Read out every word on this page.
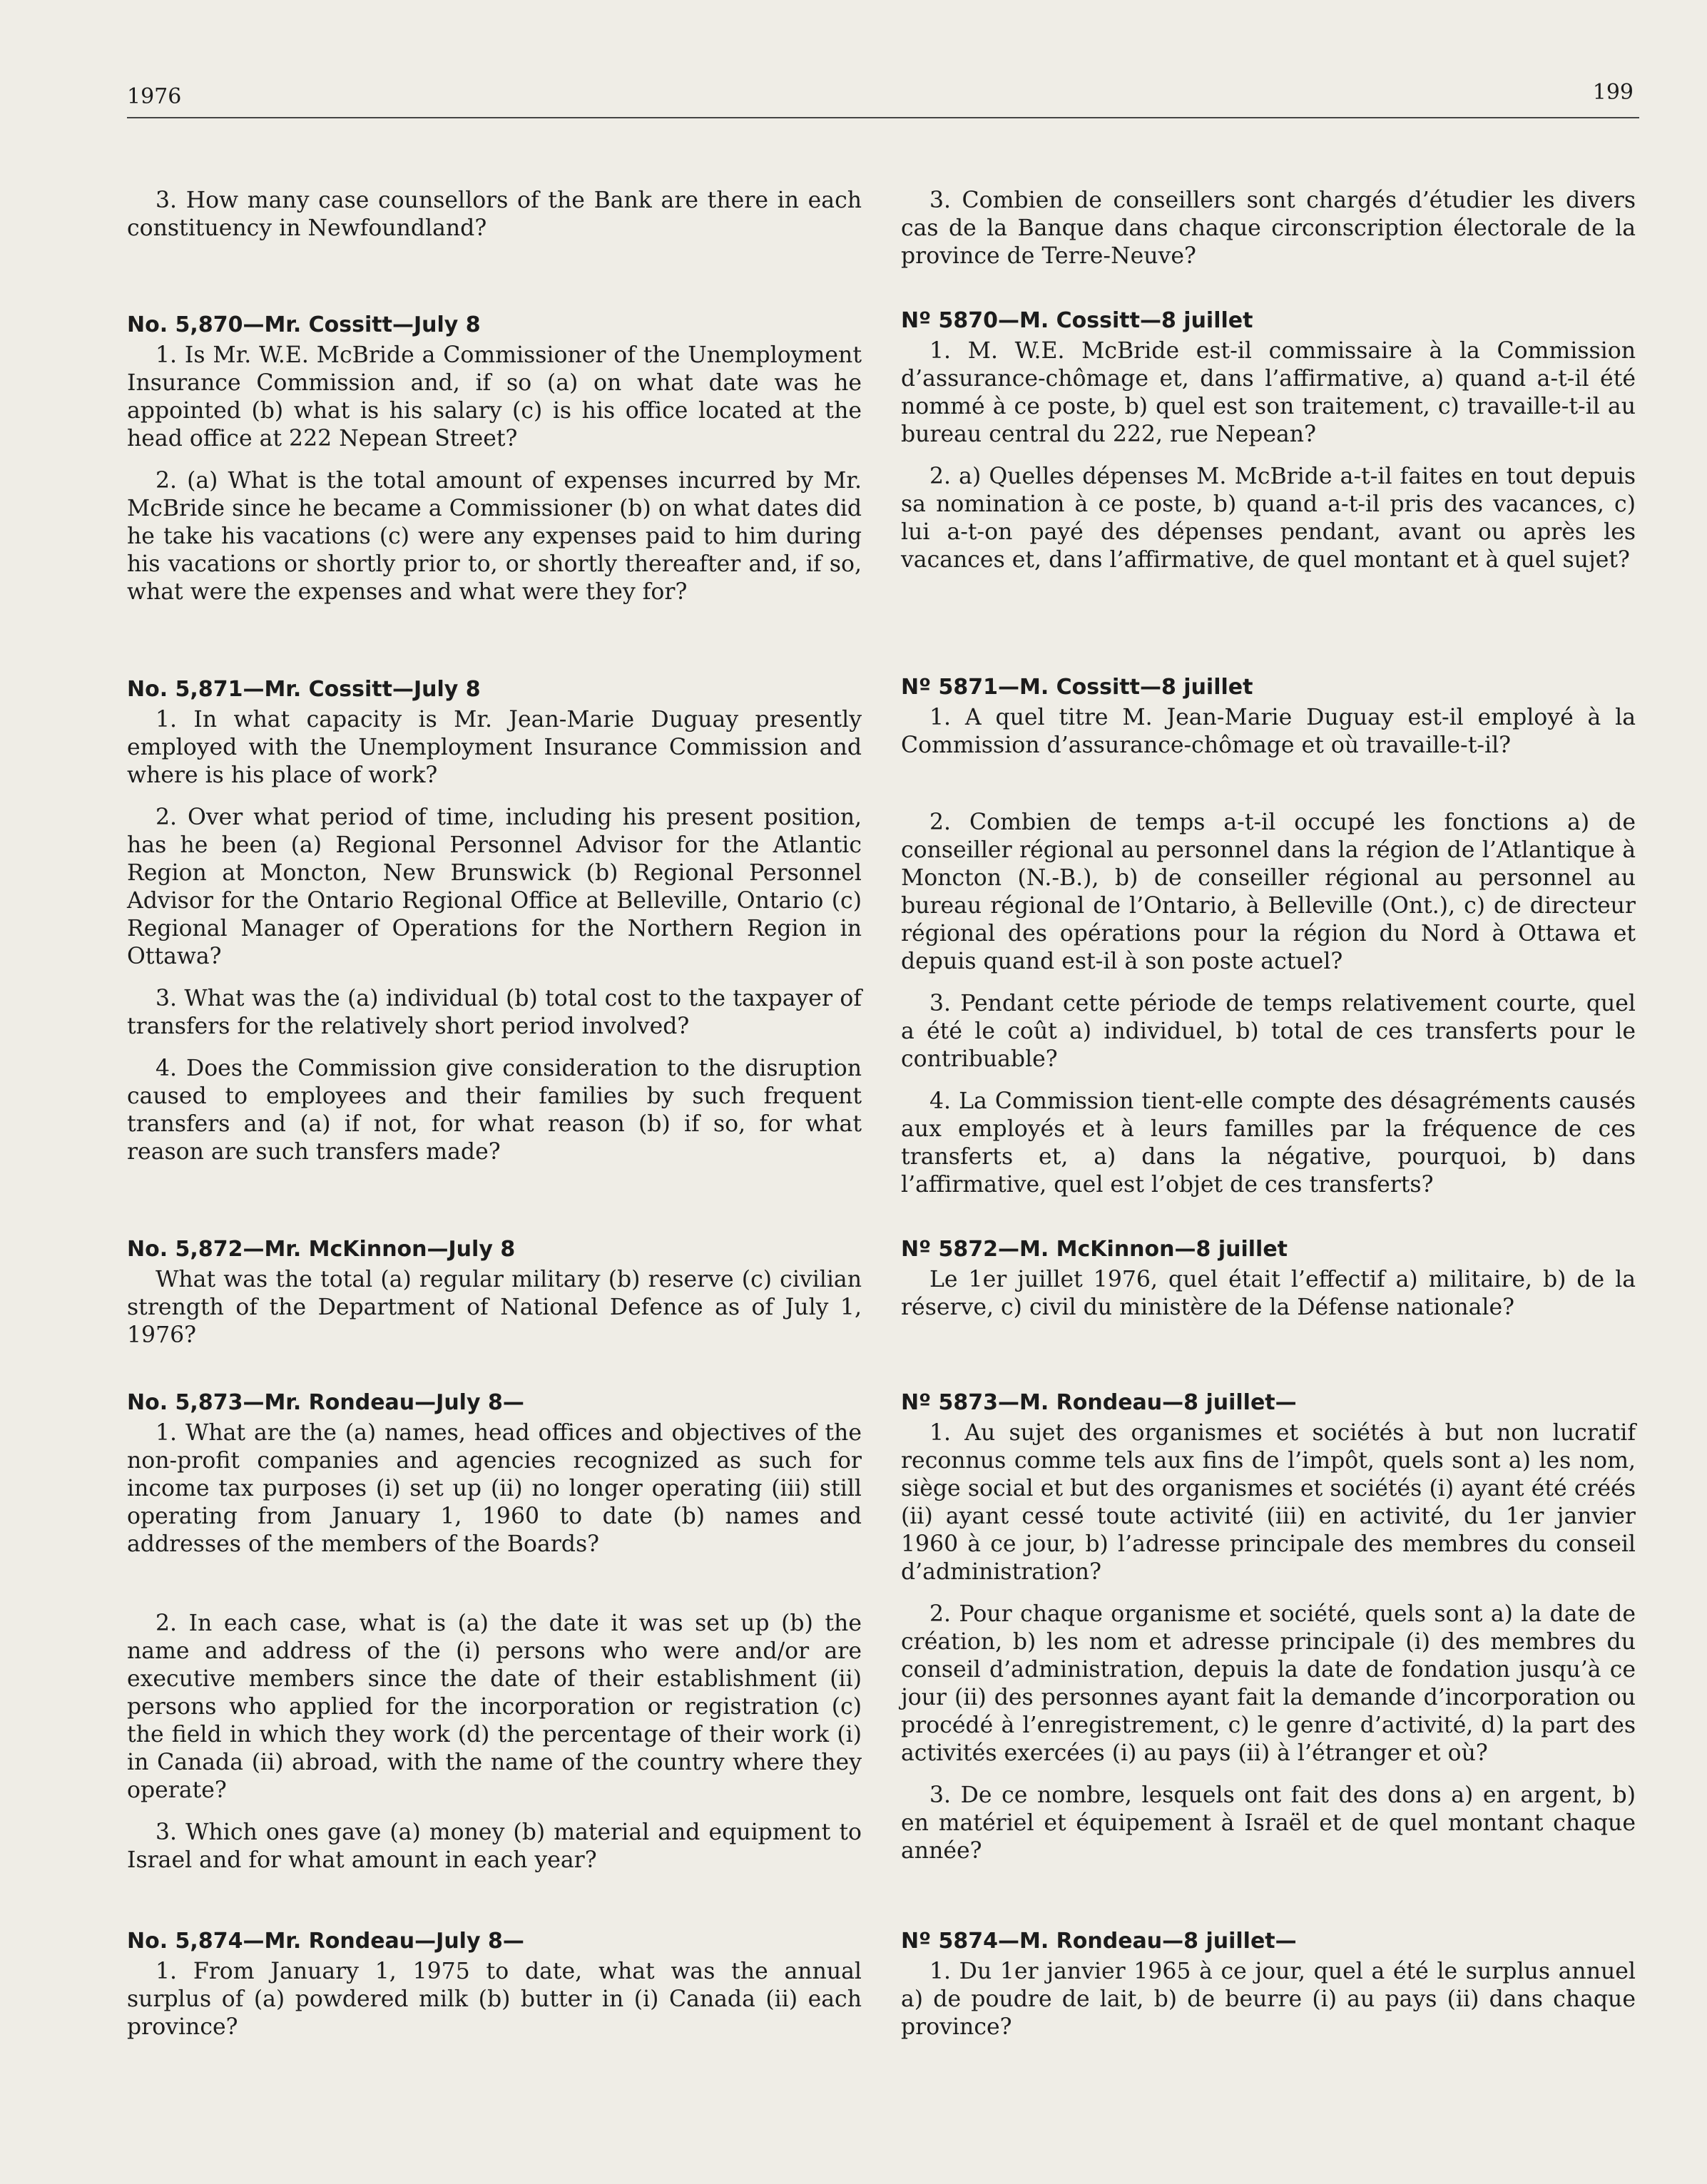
1976	199

3. How many case counsellors of the Bank are there in each constituency in Newfoundland?

No. 5,870—Mr. Cossitt—July 8

1. Is Mr. W.E. McBride a Commissioner of the Unemployment Insurance Commission and, if so (a) on what date was he appointed (b) what is his salary (c) is his office located at the head office at 222 Nepean Street?

2. (a) What is the total amount of expenses incurred by Mr. McBride since he became a Commissioner (b) on what dates did he take his vacations (c) were any expenses paid to him during his vacations or shortly prior to, or shortly thereafter and, if so, what were the expenses and what were they for?

No. 5,871—Mr. Cossitt—July 8

1. In what capacity is Mr. Jean-Marie Duguay presently employed with the Unemployment Insurance Commission and where is his place of work?

2. Over what period of time, including his present position, has he been (a) Regional Personnel Advisor for the Atlantic Region at Moncton, New Brunswick (b) Regional Personnel Advisor for the Ontario Regional Office at Belleville, Ontario (c) Regional Manager of Operations for the Northern Region in Ottawa?

3. What was the (a) individual (b) total cost to the taxpayer of transfers for the relatively short period involved?

4. Does the Commission give consideration to the disruption caused to employees and their families by such frequent transfers and (a) if not, for what reason (b) if so, for what reason are such transfers made?

No. 5,872—Mr. McKinnon—July 8

What was the total (a) regular military (b) reserve (c) civilian strength of the Department of National Defence as of July 1, 1976?

No. 5,873—Mr. Rondeau—July 8—

1. What are the (a) names, head offices and objectives of the non-profit companies and agencies recognized as such for income tax purposes (i) set up (ii) no longer operating (iii) still operating from January 1, 1960 to date (b) names and addresses of the members of the Boards?

2. In each case, what is (a) the date it was set up (b) the name and address of the (i) persons who were and/or are executive members since the date of their establishment (ii) persons who applied for the incorporation or registration (c) the field in which they work (d) the percentage of their work (i) in Canada (ii) abroad, with the name of the country where they operate?

3. Which ones gave (a) money (b) material and equipment to Israel and for what amount in each year?

No. 5,874—Mr. Rondeau—July 8—

1. From January 1, 1975 to date, what was the annual surplus of (a) powdered milk (b) butter in (i) Canada (ii) each province?

3. Combien de conseillers sont chargés d’étudier les divers cas de la Banque dans chaque circonscription électorale de la province de Terre-Neuve?

Nº 5870—M. Cossitt—8 juillet

1. M. W.E. McBride est-il commissaire à la Commission d’assurance-chômage et, dans l’affirmative, a) quand a-t-il été nommé à ce poste, b) quel est son traitement, c) travaille-t-il au bureau central du 222, rue Nepean?

2. a) Quelles dépenses M. McBride a-t-il faites en tout depuis sa nomination à ce poste, b) quand a-t-il pris des vacances, c) lui a-t-on payé des dépenses pendant, avant ou après les vacances et, dans l’affirmative, de quel montant et à quel sujet?

Nº 5871—M. Cossitt—8 juillet

1. A quel titre M. Jean-Marie Duguay est-il employé à la Commission d’assurance-chômage et où travaille-t-il?

2. Combien de temps a-t-il occupé les fonctions a) de conseiller régional au personnel dans la région de l’Atlantique à Moncton (N.-B.), b) de conseiller régional au personnel au bureau régional de l’Ontario, à Belleville (Ont.), c) de directeur régional des opérations pour la région du Nord à Ottawa et depuis quand est-il à son poste actuel?

3. Pendant cette période de temps relativement courte, quel a été le coût a) individuel, b) total de ces transferts pour le contribuable?

4. La Commission tient-elle compte des désagréments causés aux employés et à leurs familles par la fréquence de ces transferts et, a) dans la négative, pourquoi, b) dans l’affirmative, quel est l’objet de ces transferts?

Nº 5872—M. McKinnon—8 juillet

Le 1er juillet 1976, quel était l’effectif a) militaire, b) de la réserve, c) civil du ministère de la Défense nationale?

Nº 5873—M. Rondeau—8 juillet—

1. Au sujet des organismes et sociétés à but non lucratif reconnus comme tels aux fins de l’impôt, quels sont a) les nom, siège social et but des organismes et sociétés (i) ayant été créés (ii) ayant cessé toute activité (iii) en activité, du 1er janvier 1960 à ce jour, b) l’adresse principale des membres du conseil d’administration?

2. Pour chaque organisme et société, quels sont a) la date de création, b) les nom et adresse principale (i) des membres du conseil d’administration, depuis la date de fondation jusqu’à ce jour (ii) des personnes ayant fait la demande d’incorporation ou procédé à l’enregistrement, c) le genre d’activité, d) la part des activités exercées (i) au pays (ii) à l’étranger et où?

3. De ce nombre, lesquels ont fait des dons a) en argent, b) en matériel et équipement à Israël et de quel montant chaque année?

Nº 5874—M. Rondeau—8 juillet—

1. Du 1er janvier 1965 à ce jour, quel a été le surplus annuel a) de poudre de lait, b) de beurre (i) au pays (ii) dans chaque province?
